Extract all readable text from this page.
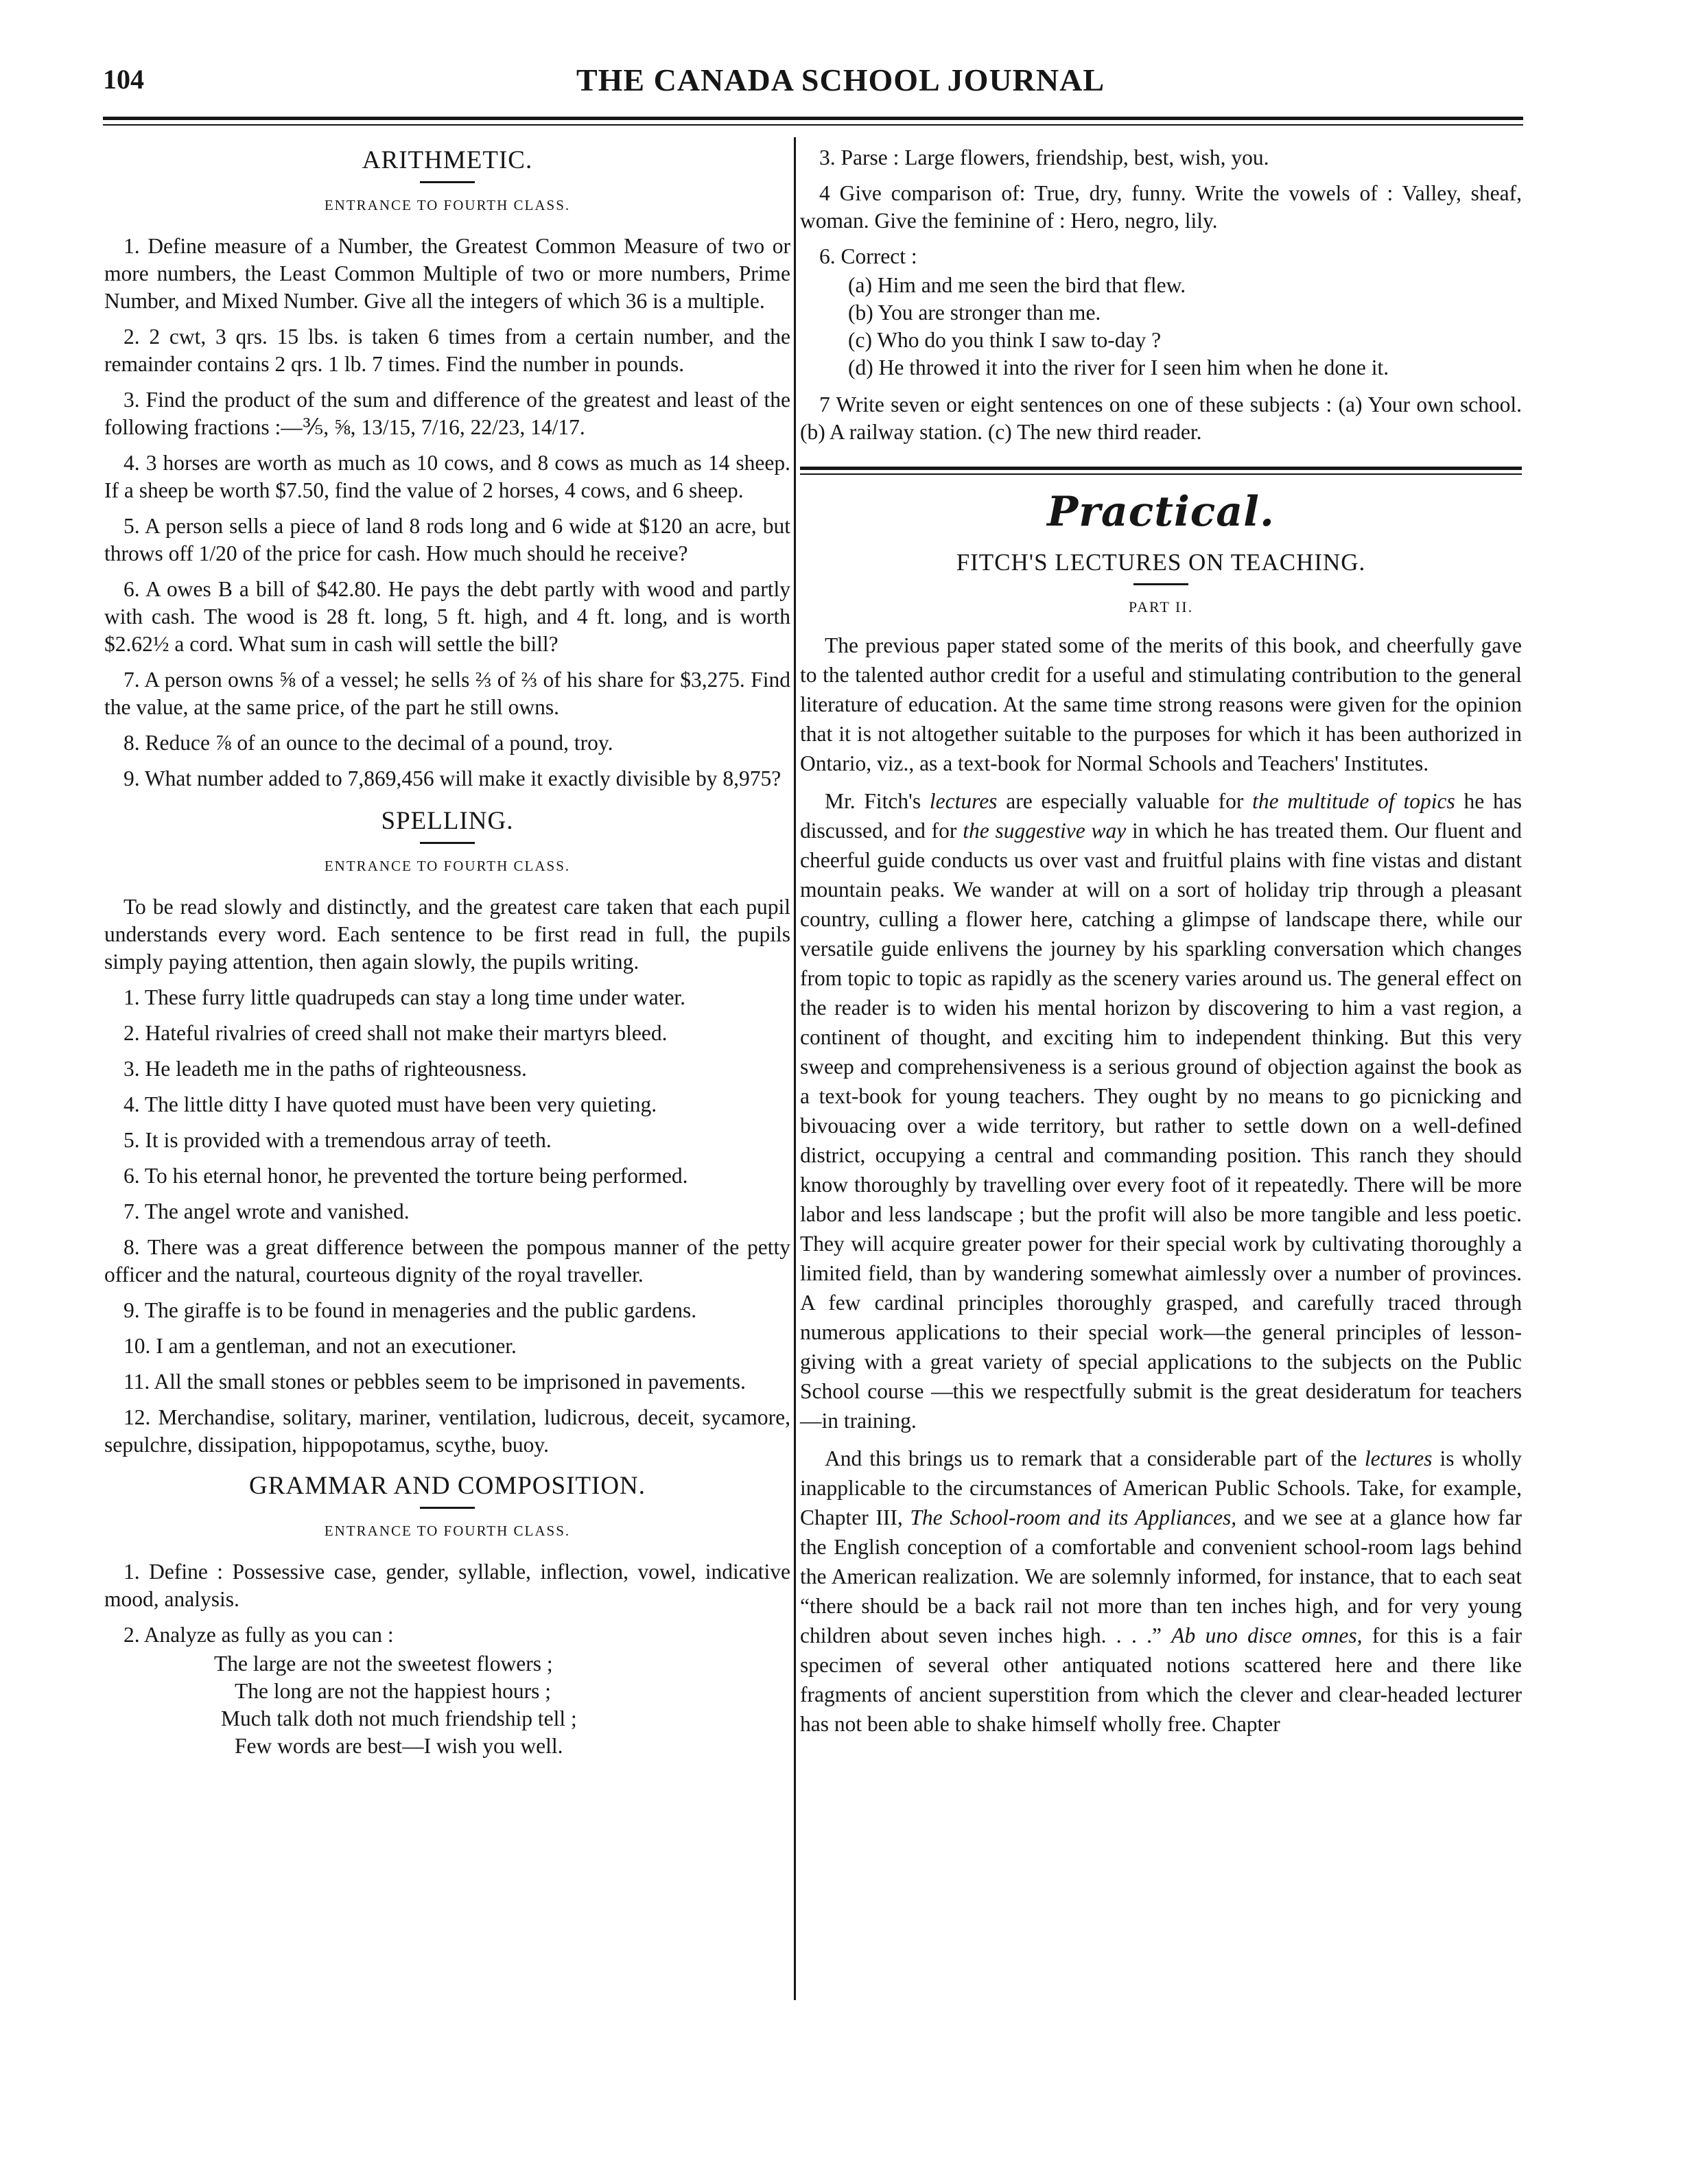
104	THE CANADA SCHOOL JOURNAL
ARITHMETIC.
ENTRANCE TO FOURTH CLASS.

1. Define measure of a Number, the Greatest Common Measure of two or more numbers, the Least Common Multiple of two or more numbers, Prime Number, and Mixed Number. Give all the integers of which 36 is a multiple.

2. 2 cwt, 3 qrs. 15 lbs. is taken 6 times from a certain number, and the remainder contains 2 qrs. 1 lb. 7 times. Find the number in pounds.

3. Find the product of the sum and difference of the greatest and least of the following fractions :—⅗, ⅝, 13/15, 7/16, 22/23, 14/17.

4. 3 horses are worth as much as 10 cows, and 8 cows as much as 14 sheep. If a sheep be worth $7.50, find the value of 2 horses, 4 cows, and 6 sheep.

5. A person sells a piece of land 8 rods long and 6 wide at $120 an acre, but throws off 1/20 of the price for cash. How much should he receive?

6. A owes B a bill of $42.80. He pays the debt partly with wood and partly with cash. The wood is 28 ft. long, 5 ft. high, and 4 ft. long, and is worth $2.62½ a cord. What sum in cash will settle the bill?

7. A person owns ⅝ of a vessel; he sells ⅔ of ⅔ of his share for $3,275. Find the value, at the same price, of the part he still owns.

8. Reduce ⅞ of an ounce to the decimal of a pound, troy.

9. What number added to 7,869,456 will make it exactly divisible by 8,975?

SPELLING.
ENTRANCE TO FOURTH CLASS.

To be read slowly and distinctly, and the greatest care taken that each pupil understands every word. Each sentence to be first read in full, the pupils simply paying attention, then again slowly, the pupils writing.

1. These furry little quadrupeds can stay a long time under water.

2. Hateful rivalries of creed shall not make their martyrs bleed.

3. He leadeth me in the paths of righteousness.

4. The little ditty I have quoted must have been very quieting.

5. It is provided with a tremendous array of teeth.

6. To his eternal honor, he prevented the torture being performed.

7. The angel wrote and vanished.

8. There was a great difference between the pompous manner of the petty officer and the natural, courteous dignity of the royal traveller.

9. The giraffe is to be found in menageries and the public gardens.

10. I am a gentleman, and not an executioner.

11. All the small stones or pebbles seem to be imprisoned in pavements.

12. Merchandise, solitary, mariner, ventilation, ludicrous, deceit, sycamore, sepulchre, dissipation, hippopotamus, scythe, buoy.

GRAMMAR AND COMPOSITION.
ENTRANCE TO FOURTH CLASS.

1. Define : Possessive case, gender, syllable, inflection, vowel, indicative mood, analysis.

2. Analyze as fully as you can :

The large are not the sweetest flowers ;
The long are not the happiest hours ;
Much talk doth not much friendship tell ;
Few words are best—I wish you well.

3. Parse : Large flowers, friendship, best, wish, you.

4 Give comparison of: True, dry, funny. Write the vowels of : Valley, sheaf, woman. Give the feminine of : Hero, negro, lily.

6. Correct :

(a) Him and me seen the bird that flew.
(b) You are stronger than me.
(c) Who do you think I saw to-day ?
(d) He throwed it into the river for I seen him when he done it.

7 Write seven or eight sentences on one of these subjects : (a) Your own school. (b) A railway station. (c) The new third reader.

Practical.
FITCH'S LECTURES ON TEACHING.
PART II.

The previous paper stated some of the merits of this book, and cheerfully gave to the talented author credit for a useful and stimulating contribution to the general literature of education. At the same time strong reasons were given for the opinion that it is not altogether suitable to the purposes for which it has been authorized in Ontario, viz., as a text-book for Normal Schools and Teachers' Institutes.

Mr. Fitch's lectures are especially valuable for the multitude of topics he has discussed, and for the suggestive way in which he has treated them. Our fluent and cheerful guide conducts us over vast and fruitful plains with fine vistas and distant mountain peaks. We wander at will on a sort of holiday trip through a pleasant country, culling a flower here, catching a glimpse of landscape there, while our versatile guide enlivens the journey by his sparkling conversation which changes from topic to topic as rapidly as the scenery varies around us. The general effect on the reader is to widen his mental horizon by discovering to him a vast region, a continent of thought, and exciting him to independent thinking. But this very sweep and comprehensiveness is a serious ground of objection against the book as a text-book for young teachers. They ought by no means to go picnicking and bivouacing over a wide territory, but rather to settle down on a well-defined district, occupying a central and commanding position. This ranch they should know thoroughly by travelling over every foot of it repeatedly. There will be more labor and less landscape ; but the profit will also be more tangible and less poetic. They will acquire greater power for their special work by cultivating thoroughly a limited field, than by wandering somewhat aimlessly over a number of provinces. A few cardinal principles thoroughly grasped, and carefully traced through numerous applications to their special work—the general principles of lesson-giving with a great variety of special applications to the subjects on the Public School course —this we respectfully submit is the great desideratum for teachers —in training.

And this brings us to remark that a considerable part of the lectures is wholly inapplicable to the circumstances of American Public Schools. Take, for example, Chapter III, The School-room and its Appliances, and we see at a glance how far the English conception of a comfortable and convenient school-room lags behind the American realization. We are solemnly informed, for instance, that to each seat “there should be a back rail not more than ten inches high, and for very young children about seven inches high. . . .” Ab uno disce omnes, for this is a fair specimen of several other antiquated notions scattered here and there like fragments of ancient superstition from which the clever and clear-headed lecturer has not been able to shake himself wholly free. Chapter
